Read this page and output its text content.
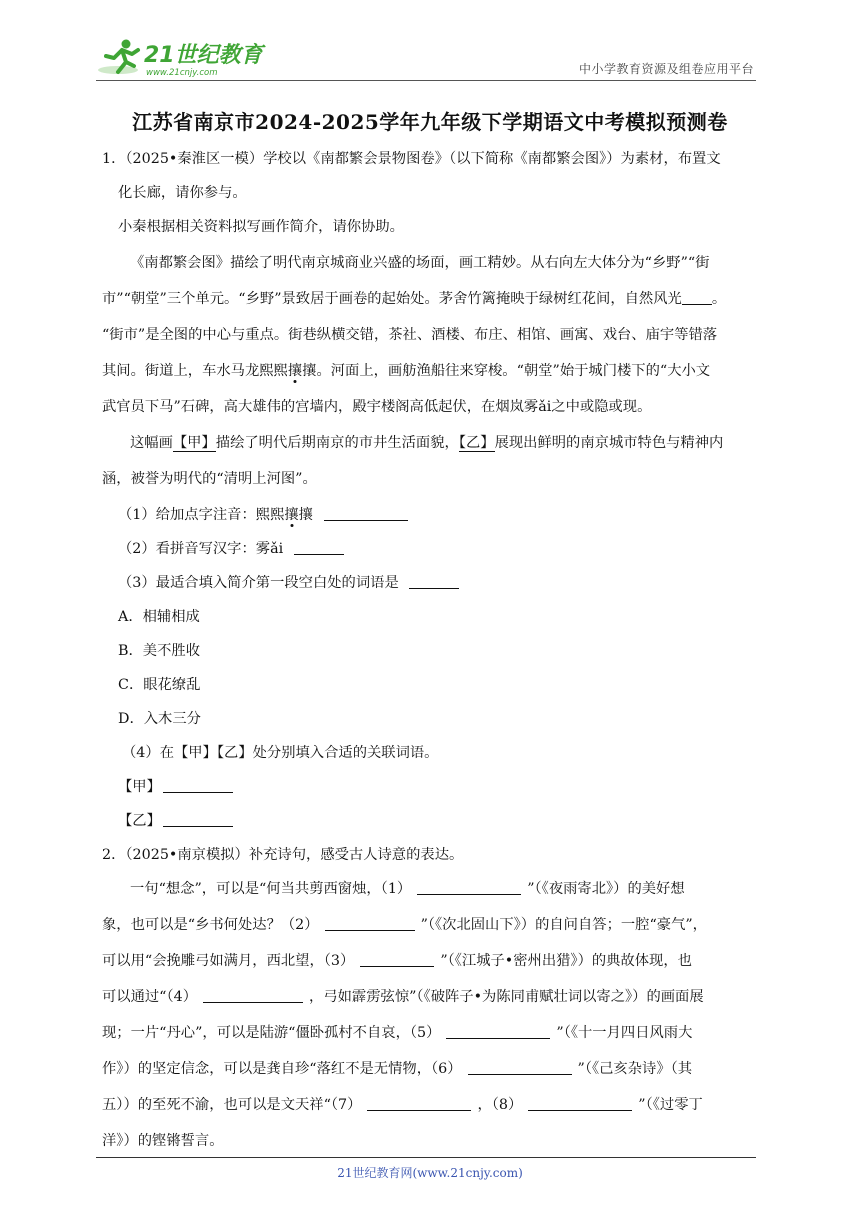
21世纪教育
www.21cnjy.com	中小学教育资源及组卷应用平台
江苏省南京市2024-2025学年九年级下学期语文中考模拟预测卷
1．（2025•秦淮区一模）学校以《南都繁会景物图卷》（以下简称《南都繁会图》）为素材，布置文
化长廊，请你参与。
小秦根据相关资料拟写画作简介，请你协助。
《南都繁会图》描绘了明代南京城商业兴盛的场面，画工精妙。从右向左大体分为“乡野”“街
市”“朝堂”三个单元。“乡野”景致居于画卷的起始处。茅舍竹篱掩映于绿树红花间，自然风光 。
“街市”是全图的中心与重点。街巷纵横交错，茶社、酒楼、布庄、相馆、画寓、戏台、庙宇等错落
其间。街道上，车水马龙熙熙攘攘。河面上，画舫渔船往来穿梭。“朝堂”始于城门楼下的“大小文
武官员下马”石碑，高大雄伟的宫墙内，殿宇楼阁高低起伏，在烟岚雾ǎi之中或隐或现。
这幅画【甲】描绘了明代后期南京的市井生活面貌，【乙】展现出鲜明的南京城市特色与精神内
涵，被誉为明代的“清明上河图”。
（1）给加点字注音：熙熙攘攘
（2）看拼音写汉字：雾ǎi
（3）最适合填入简介第一段空白处的词语是
A．相辅相成
B．美不胜收
C．眼花缭乱
D．入木三分
（4）在【甲】【乙】处分别填入合适的关联词语。
【甲】
【乙】
2．（2025•南京模拟）补充诗句，感受古人诗意的表达。
一句“想念”，可以是“何当共剪西窗烛，（1）	”（《夜雨寄北》）的美好想
象，也可以是“乡书何处达？（2）	”（《次北固山下》）的自问自答；一腔“豪气”，
可以用“会挽雕弓如满月，西北望，（3）	”（《江城子•密州出猎》）的典故体现，也
可以通过“（4）	，弓如霹雳弦惊”（《破阵子•为陈同甫赋壮词以寄之》）的画面展
现；一片“丹心”，可以是陆游“僵卧孤村不自哀，（5）	”（《十一月四日风雨大
作》）的坚定信念，可以是龚自珍“落红不是无情物，（6）	”（《己亥杂诗》（其
五））的至死不渝，也可以是文天祥“（7）	，（8）	”（《过零丁
洋》）的铿锵誓言。
21世纪教育网(www.21cnjy.com)
